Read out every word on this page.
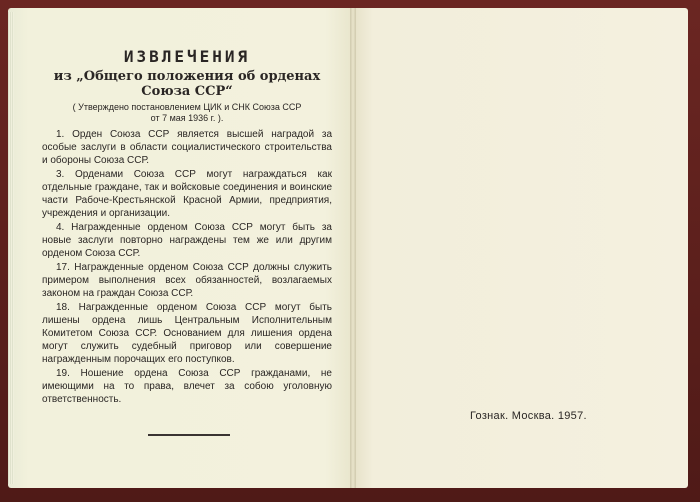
ИЗВЛЕЧЕНИЯ
из „Общего положения об орденах
Союза ССР“
( Утверждено постановлением ЦИК и СНК Союза ССР
от 7 мая 1936 г. ).

1. Орден Союза ССР является высшей наградой за особые заслуги в области социалистического строительства и обороны Союза ССР.

3. Орденами Союза ССР могут награждаться как отдельные граждане, так и войсковые соединения и воинские части Рабоче-Крестьянской Красной Армии, предприятия, учреждения и организации.

4. Награжденные орденом Союза ССР могут быть за новые заслуги повторно награждены тем же или другим орденом Союза ССР.

17. Награжденные орденом Союза ССР должны служить примером выполнения всех обязанностей, возлагаемых законом на граждан Союза ССР.

18. Награжденные орденом Союза ССР могут быть лишены ордена лишь Центральным Исполнительным Комитетом Союза ССР. Основанием для лишения ордена могут служить судебный приговор или совершение награжденным порочащих его поступков.

19. Ношение ордена Союза ССР гражданами, не имеющими на то права, влечет за собою уголовную ответственность.

Гознак. Москва. 1957.
